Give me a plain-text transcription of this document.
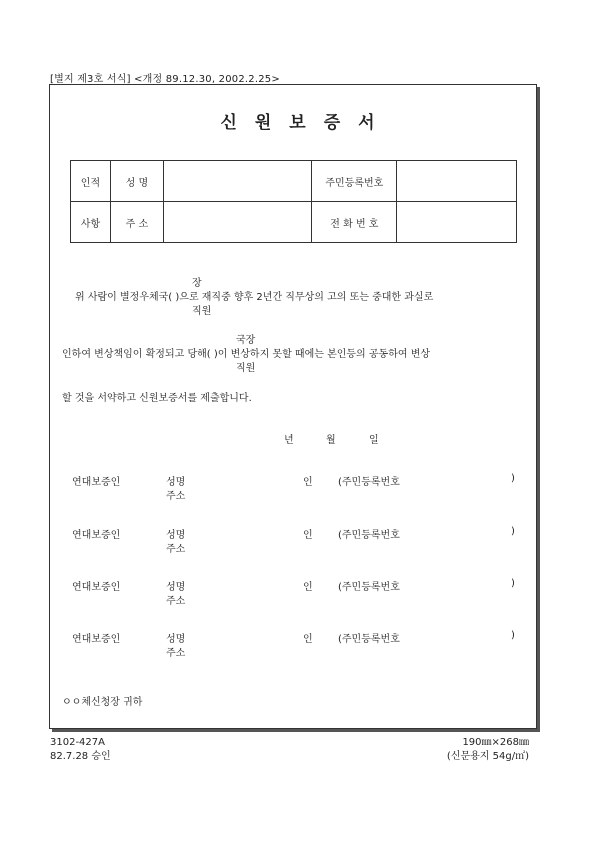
[별지 제3호 서식] <개정 89.12.30, 2002.2.25>
신원보증서
인적	성 명		주민등록번호	
사항	주 소		전 화 번 호	
장
위 사람이 별정우체국( )으로 재직중 향후 2년간 직무상의 고의 또는 중대한 과실로
직원
국장
인하여 변상책임이 확정되고 당해( )이 변상하지 못할 때에는 본인등의 공동하여 변상
직원
할 것을 서약하고 신원보증서를 제출합니다.
년	월	일
연대보증인	성명
주소
인	(주민등록번호	)
연대보증인	성명
주소
인	(주민등록번호	)
연대보증인	성명
주소
인	(주민등록번호	)
연대보증인	성명
주소
인	(주민등록번호	)
ㅇㅇ체신청장 귀하
3102-427A
82.7.28 승인
190㎜×268㎜
(신문용지 54g/㎡)
